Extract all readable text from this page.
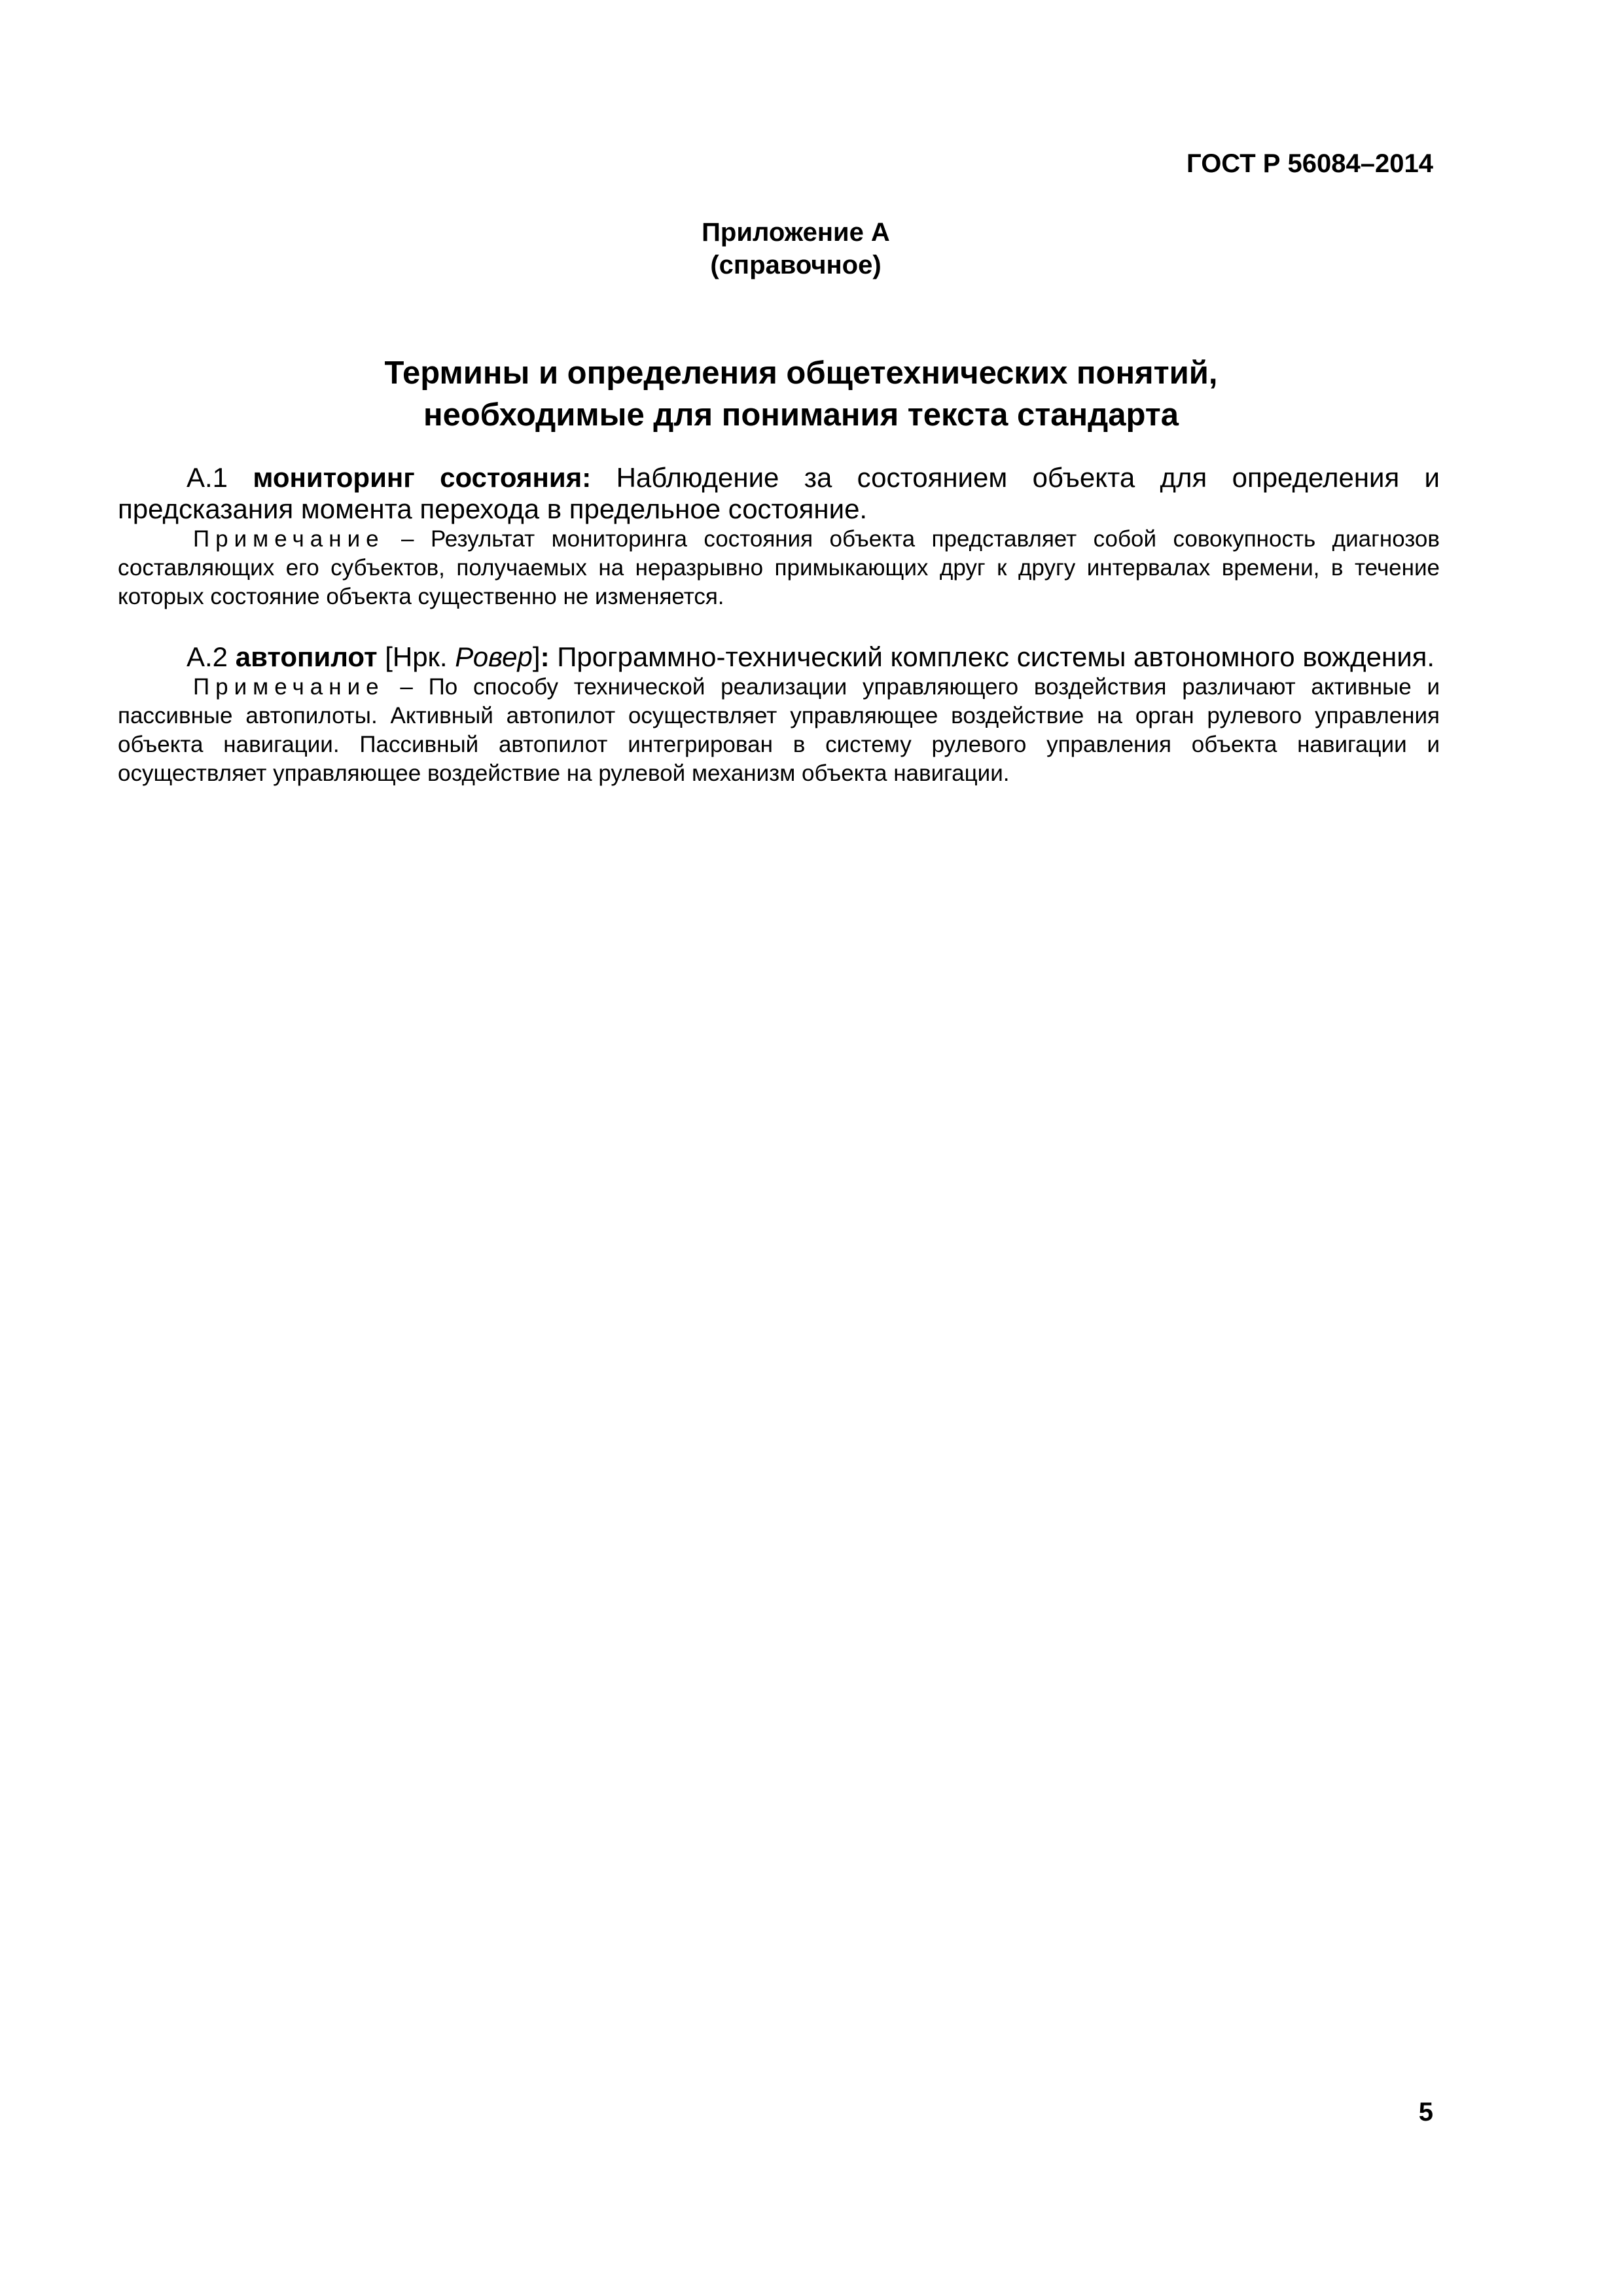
ГОСТ Р 56084–2014
Приложение А
(справочное)
Термины и определения общетехнических понятий,
необходимые для понимания текста стандарта
А.1 мониторинг состояния: Наблюдение за состоянием объекта для определения и предсказания момента перехода в предельное состояние.
Примечание – Результат мониторинга состояния объекта представляет собой совокупность диагнозов составляющих его субъектов, получаемых на неразрывно примыкающих друг к другу интервалах времени, в течение которых состояние объекта существенно не изменяется.
А.2 автопилот [Нрк. Ровер]: Программно-технический комплекс системы автономного вождения.
Примечание – По способу технической реализации управляющего воздействия различают активные и пассивные автопилоты. Активный автопилот осуществляет управляющее воздействие на орган рулевого управления объекта навигации. Пассивный автопилот интегрирован в систему рулевого управления объекта навигации и осуществляет управляющее воздействие на рулевой механизм объекта навигации.
5
